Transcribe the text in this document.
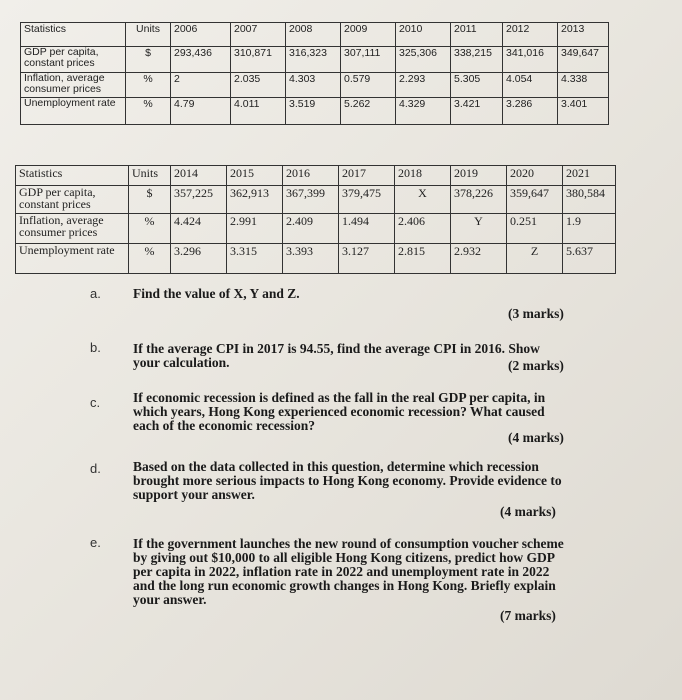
Statistics	Units	2006	2007	2008	2009	2010	2011	2012	2013
GDP per capita, constant prices	$	293,436	310,871	316,323	307,111	325,306	338,215	341,016	349,647
Inflation, average consumer prices	%	2	2.035	4.303	0.579	2.293	5.305	4.054	4.338
Unemployment rate	%	4.79	4.011	3.519	5.262	4.329	3.421	3.286	3.401
Statistics	Units	2014	2015	2016	2017	2018	2019	2020	2021
GDP per capita, constant prices	$	357,225	362,913	367,399	379,475	X	378,226	359,647	380,584
Inflation, average consumer prices	%	4.424	2.991	2.409	1.494	2.406	Y	0.251	1.9
Unemployment rate	%	3.296	3.315	3.393	3.127	2.815	2.932	Z	5.637
a. Find the value of X, Y and Z.
(3 marks)
b. If the average CPI in 2017 is 94.55, find the average CPI in 2016. Show your calculation.	(2 marks)
c. If economic recession is defined as the fall in the real GDP per capita, in which years, Hong Kong experienced economic recession? What caused each of the economic recession?
(4 marks)
d. Based on the data collected in this question, determine which recession brought more serious impacts to Hong Kong economy. Provide evidence to support your answer.
(4 marks)
e. If the government launches the new round of consumption voucher scheme by giving out $10,000 to all eligible Hong Kong citizens, predict how GDP per capita in 2022, inflation rate in 2022 and unemployment rate in 2022 and the long run economic growth changes in Hong Kong. Briefly explain your answer.
(7 marks)
